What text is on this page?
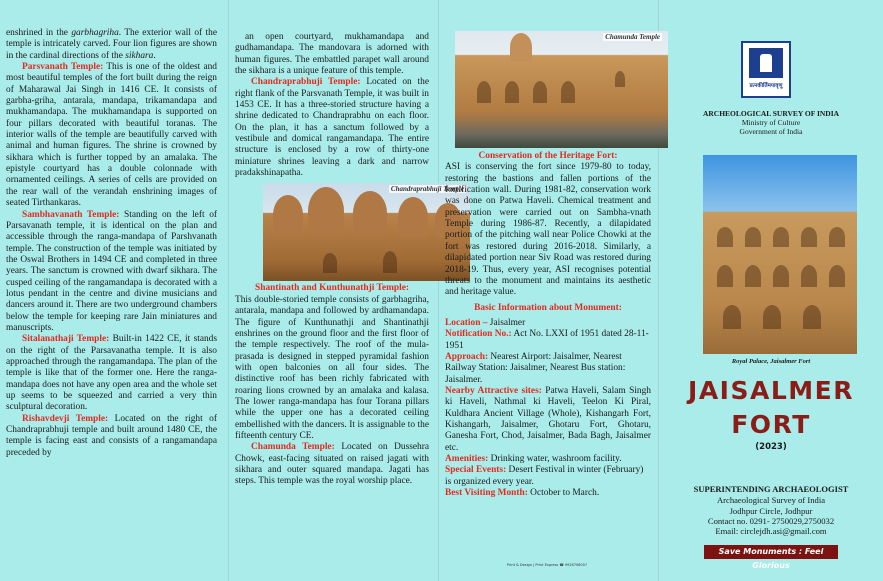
enshrined in the garbhagriha. The exterior wall of the temple is intricately carved. Four lion figures are shown in the cardinal directions of the sikhara.

Parsvanath Temple: This is one of the oldest and most beautiful temples of the fort built during the reign of Maharawal Jai Singh in 1416 CE. It consists of garbha-griha, antarala, mandapa, trikamandapa and mukhamandapa. The mukhamandapa is supported on four pillars decorated with beautiful toranas. The interior walls of the temple are beautifully carved with animal and human figures. The shrine is crowned by sikhara which is further topped by an amalaka. The epistyle courtyard has a double colonnade with ornamented ceilings. A series of cells are provided on the rear wall of the verandah enshrining images of seated Tirthankaras.

Sambhavanath Temple: Standing on the left of Parsavanath temple, it is identical on the plan and accessible through the ranga-mandapa of Parshvanath temple. The construction of the temple was initiated by the Oswal Brothers in 1494 CE and completed in three years. The sanctum is crowned with dwarf sikhara. The cusped ceiling of the rangamandapa is decorated with a lotus pendant in the centre and divine musicians and dancers around it. There are two underground chambers below the temple for keeping rare Jain miniatures and manuscripts.

Sitalanathaji Temple: Built-in 1422 CE, it stands on the right of the Parsavanatha temple. It is also approached through the rangamandapa. The plan of the temple is like that of the former one. Here the ranga-mandapa does not have any open area and the whole set up seems to be squeezed and carried a very thin sculptural decoration.

Rishavdevji Temple: Located on the right of Chandraprabhuji temple and built around 1480 CE, the temple is facing east and consists of a rangamandapa preceded by

an open courtyard, mukhamandapa and gudhamandapa. The mandovara is adorned with human figures. The embattled parapet wall around the sikhara is a unique feature of this temple.

Chandraprabhuji Temple: Located on the right flank of the Parsvanath Temple, it was built in 1453 CE. It has a three-storied structure having a shrine dedicated to Chandraprabhu on each floor. On the plan, it has a sanctum followed by a vestibule and domical rangamandapa. The entire structure is enclosed by a row of thirty-one miniature shrines leaving a dark and narrow pradakshinapatha.

Chandraprabhuji Temple

Shantinath and Kunthunathji Temple:

This double-storied temple consists of garbhagriha, antarala, mandapa and followed by ardhamandapa. The figure of Kunthunathji and Shantinathji enshrines on the ground floor and the first floor of the temple respectively. The roof of the mula-prasada is designed in stepped pyramidal fashion with open balconies on all four sides. The distinctive roof has been richly fabricated with roaring lions crowned by an amalaka and kalasa. The lower ranga-mandapa has four Torana pillars while the upper one has a decorated ceiling embellished with the dancers. It is assignable to the fifteenth century CE.

Chamunda Temple: Located on Dussehra Chowk, east-facing situated on raised jagati with sikhara and outer squared mandapa. Jagati has steps. This temple was the royal worship place.

Chamunda Temple

Conservation of the Heritage Fort:

ASI is conserving the fort since 1979-80 to today, restoring the bastions and fallen portions of the fortification wall. During 1981-82, conservation work was done on Patwa Haveli. Chemical treatment and preservation were carried out on Sambha-vnath Temple during 1986-87. Recently, a dilapidated portion of the pitching wall near Police Chowki at the fort was restored during 2016-2018. Similarly, a dilapidated portion near Siv Road was restored during 2018-19. Thus, every year, ASI recognises potential threats to the monument and maintains its aesthetic and heritage value.

Basic Information about Monument:

Location – Jaisalmer

Notification No.: Act No. LXXI of 1951 dated 28-11-1951

Approach: Nearest Airport: Jaisalmer, Nearest Railway Station: Jaisalmer, Nearest Bus station: Jaisalmer.

Nearby Attractive sites: Patwa Haveli, Salam Singh ki Haveli, Nathmal ki Haveli, Teelon Ki Piral, Kuldhara Ancient Village (Whole), Kishangarh Fort, Kishangarh, Jaisalmer, Ghotaru Fort, Ghotaru, Ganesha Fort, Chod, Jaisalmer, Bada Bagh, Jaisalmer etc.

Amenities: Drinking water, washroom facility.

Special Events: Desert Festival in winter (February) is organized every year.

Best Visiting Month: October to March.

Print & Design | Print Express ☎ 9928706007
प्रत्नकीर्तिमपावृणु

ARCHEOLOGICAL SURVEY OF INDIA

Ministry of Culture

Government of India

Royal Palace, Jaisalmer Fort

JAISALMER

FORT

(2023)

SUPERINTENDING ARCHAEOLOGIST

Archaeological Survey of India

Jodhpur Circle, Jodhpur

Contact no. 0291- 2750029,2750032

Email: circlejdh.asi@gmail.com

Save Monuments : Feel Glorious
